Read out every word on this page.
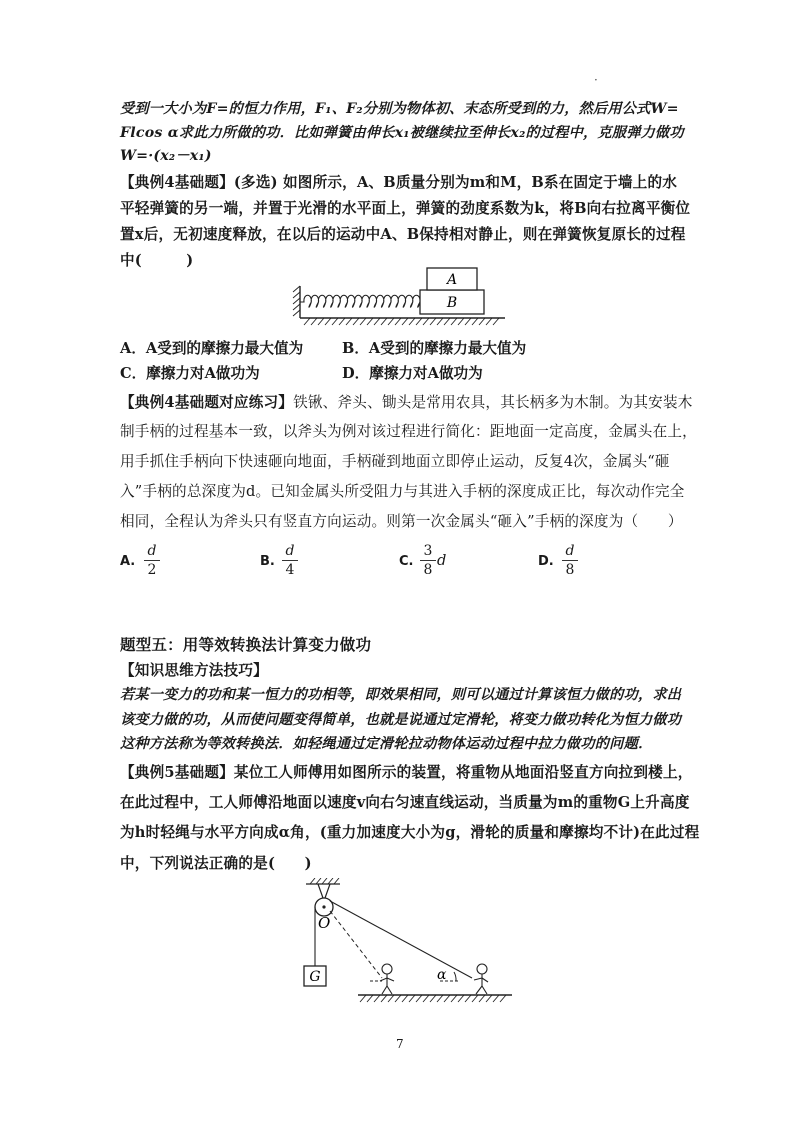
·
受到一大小为F=的恒力作用，F₁、F₂分别为物体初、末态所受到的力，然后用公式W=
Flcos α求此力所做的功．比如弹簧由伸长x₁被继续拉至伸长x₂的过程中，克服弹力做功
W=·(x₂－x₁)
【典例4基础题】(多选) 如图所示，A、B质量分别为m和M，B系在固定于墙上的水
平轻弹簧的另一端，并置于光滑的水平面上，弹簧的劲度系数为k，将B向右拉离平衡位
置x后，无初速度释放，在以后的运动中A、B保持相对静止，则在弹簧恢复原长的过程
中(　　　)
B
A
A．A受到的摩擦力最大值为	B．A受到的摩擦力最大值为
C．摩擦力对A做功为	D．摩擦力对A做功为
【典例4基础题对应练习】铁锹、斧头、锄头是常用农具，其长柄多为木制。为其安装木
制手柄的过程基本一致，以斧头为例对该过程进行简化：距地面一定高度，金属头在上，
用手抓住手柄向下快速砸向地面，手柄碰到地面立即停止运动，反复4次，金属头“砸
入”手柄的总深度为d。已知金属头所受阻力与其进入手柄的深度成正比，每次动作完全
相同，全程认为斧头只有竖直方向运动。则第一次金属头“砸入”手柄的深度为（　　）
A.
d
2
B.
d
4
C.
3
8
d	D.
d
8
题型五：用等效转换法计算变力做功
【知识思维方法技巧】
若某一变力的功和某一恒力的功相等，即效果相同，则可以通过计算该恒力做的功，求出
该变力做的功，从而使问题变得简单，也就是说通过定滑轮，将变力做功转化为恒力做功
这种方法称为等效转换法．如轻绳通过定滑轮拉动物体运动过程中拉力做功的问题．
【典例5基础题】某位工人师傅用如图所示的装置，将重物从地面沿竖直方向拉到楼上，
在此过程中，工人师傅沿地面以速度v向右匀速直线运动，当质量为m的重物G上升高度
为h时轻绳与水平方向成α角，(重力加速度大小为g，滑轮的质量和摩擦均不计)在此过程
中，下列说法正确的是(　　)
O
G	α
7
